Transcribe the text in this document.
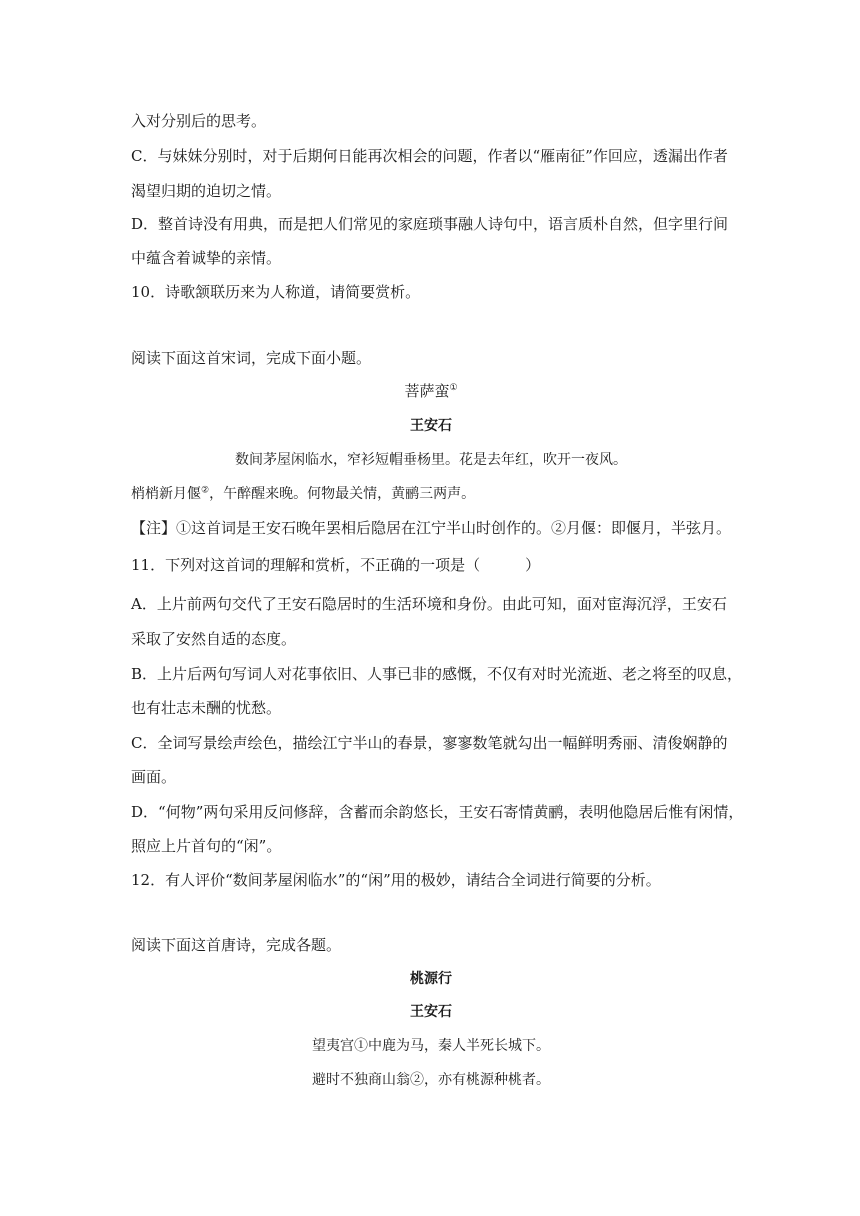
入对分别后的思考。
C．与妹妹分别时，对于后期何日能再次相会的问题，作者以“雁南征”作回应，透漏出作者
渴望归期的迫切之情。
D．整首诗没有用典，而是把人们常见的家庭琐事融人诗句中，语言质朴自然，但字里行间
中蕴含着诚挚的亲情。
10．诗歌颔联历来为人称道，请简要赏析。
阅读下面这首宋词，完成下面小题。
菩萨蛮①
王安石
数间茅屋闲临水，窄衫短帽垂杨里。花是去年红，吹开一夜风。
梢梢新月偃②，午醉醒来晚。何物最关情，黄鹂三两声。
【注】①这首词是王安石晚年罢相后隐居在江宁半山时创作的。②月偃：即偃月，半弦月。
11．下列对这首词的理解和赏析，不正确的一项是（　　　）
A．上片前两句交代了王安石隐居时的生活环境和身份。由此可知，面对宦海沉浮，王安石
采取了安然自适的态度。
B．上片后两句写词人对花事依旧、人事已非的感慨，不仅有对时光流逝、老之将至的叹息，
也有壮志未酬的忧愁。
C．全词写景绘声绘色，描绘江宁半山的春景，寥寥数笔就勾出一幅鲜明秀丽、清俊娴静的
画面。
D．“何物”两句采用反问修辞，含蓄而余韵悠长，王安石寄情黄鹂，表明他隐居后惟有闲情，
照应上片首句的“闲”。
12．有人评价“数间茅屋闲临水”的“闲”用的极妙，请结合全词进行简要的分析。
阅读下面这首唐诗，完成各题。
桃源行
王安石
望夷宫①中鹿为马，秦人半死长城下。
避时不独商山翁②，亦有桃源种桃者。
